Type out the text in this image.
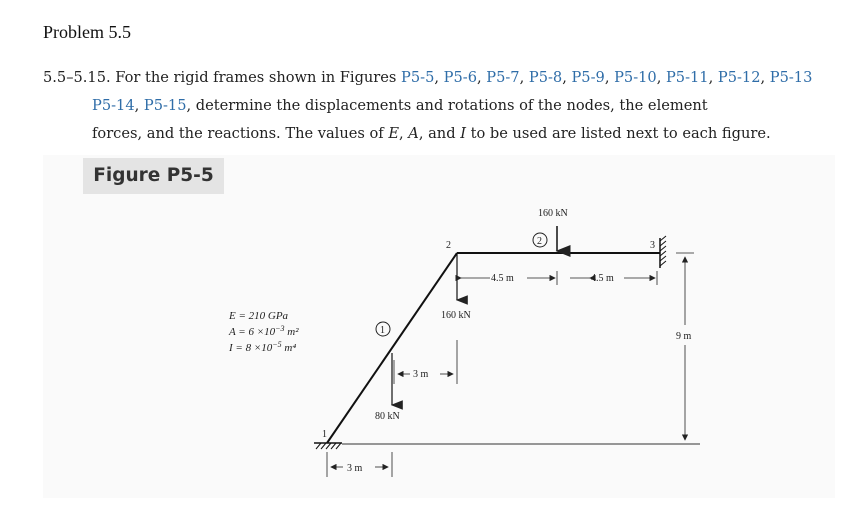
Problem 5.5
5.5–5.15. For the rigid frames shown in Figures P5-5, P5-6, P5-7, P5-8, P5-9, P5-10, P5-11, P5-12, P5-13
P5-14, P5-15, determine the displacements and rotations of the nodes, the element
forces, and the reactions. The values of E, A, and I to be used are listed next to each figure.
Figure P5-5
E = 210 GPa
$A = 6 \times 10^{-3}$ m²
$I = 8 \times 10^{-5}$ m⁴
1
2	3
1
2
160 kN
160 kN
80 kN
4.5 m	4.5 m
3 m
3 m
9 m
